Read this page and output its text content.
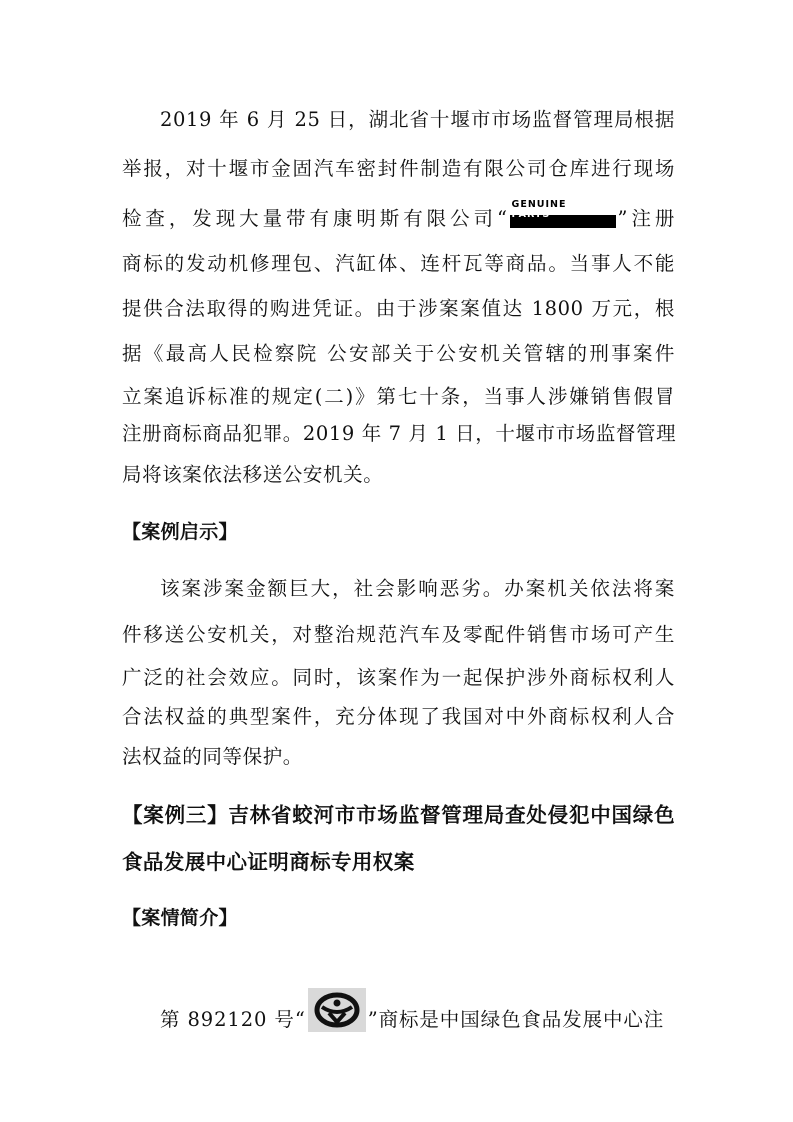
2019 年 6 月 25 日，湖北省十堰市市场监督管理局根据
举报，对十堰市金固汽车密封件制造有限公司仓库进行现场
检查，发现大量带有康明斯有限公司“
GENUINE
PARTS	”注册
商标的发动机修理包、汽缸体、连杆瓦等商品。当事人不能
提供合法取得的购进凭证。由于涉案案值达 1800 万元，根
据《最高人民检察院 公安部关于公安机关管辖的刑事案件
立案追诉标准的规定(二)》第七十条，当事人涉嫌销售假冒
注册商标商品犯罪。2019 年 7 月 1 日，十堰市市场监督管理
局将该案依法移送公安机关。
【案例启示】
该案涉案金额巨大，社会影响恶劣。办案机关依法将案
件移送公安机关，对整治规范汽车及零配件销售市场可产生
广泛的社会效应。同时，该案作为一起保护涉外商标权利人
合法权益的典型案件，充分体现了我国对中外商标权利人合
法权益的同等保护。
【案例三】吉林省蛟河市市场监督管理局查处侵犯中国绿色
食品发展中心证明商标专用权案
【案情简介】
第 892120 号“	”商标是中国绿色食品发展中心注
